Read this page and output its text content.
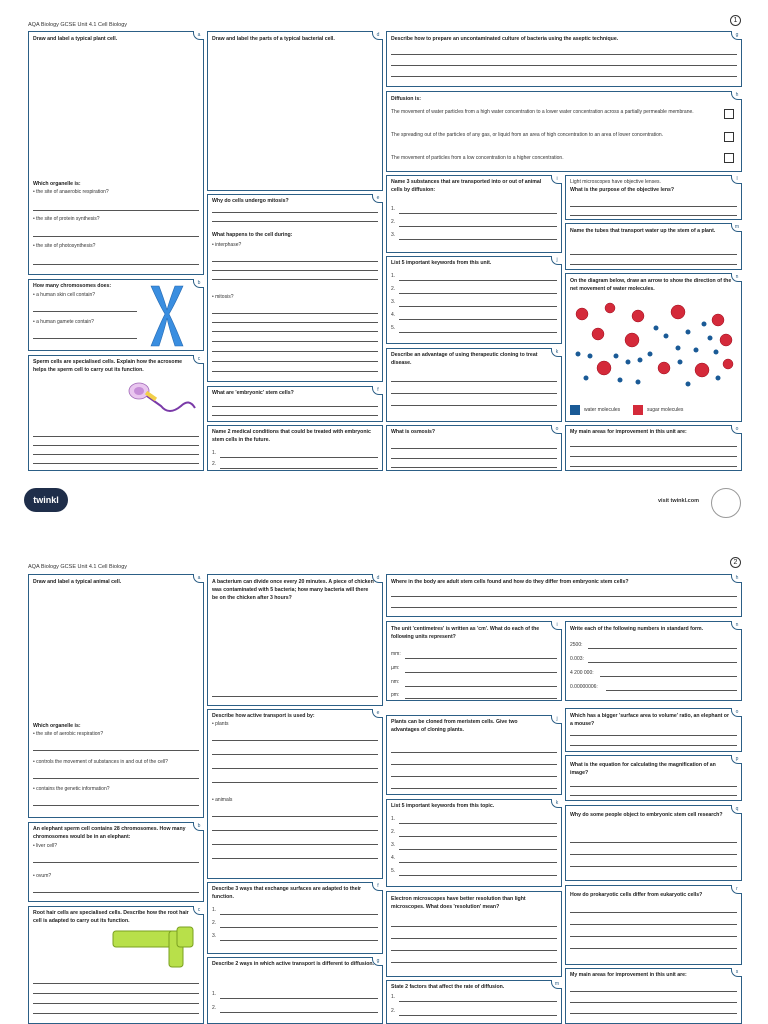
AQA Biology GCSE Unit 4.1 Cell Biology
1
a
Draw and label a typical plant cell.
Which organelle is:
• the site of anaerobic respiration?
• the site of protein synthesis?
• the site of photosynthesis?
b
How many chromosomes does:
• a human skin cell contain?
• a human gamete contain?
c
Sperm cells are specialised cells. Explain how the acrosome helps the sperm cell to carry out its function.
d
Draw and label the parts of a typical bacterial cell.
e
Why do cells undergo mitosis?
What happens to the cell during:
• interphase?
• mitosis?
f
What are 'embryonic' stem cells?
Name 2 medical conditions that could be treated with embryonic stem cells in the future.
1.
2.
g
Describe how to prepare an uncontaminated culture of bacteria using the aseptic technique.
h
Diffusion is:
The movement of water particles from a high water concentration to a lower water concentration across a partially permeable membrane.
The spreading out of the particles of any gas, or liquid from an area of high concentration to an area of lower concentration.
The movement of particles from a low concentration to a higher concentration.
i
Name 3 substances that are transported into or out of animal cells by diffusion:
1.
2.
3.
j
List 5 important keywords from this unit.
1.
2.
3.
4.
5.
k
Describe an advantage of using therapeutic cloning to treat disease.
o
What is osmosis?
l
Light microscopes have objective lenses.
What is the purpose of the objective lens?
m
Name the tubes that transport water up the stem of a plant.
n
On the diagram below, draw an arrow to show the direction of the net movement of water molecules.
water molecules	sugar molecules
o
My main areas for improvement in this unit are:
twinkl	visit twinkl.com
AQA Biology GCSE Unit 4.1 Cell Biology
2
a
Draw and label a typical animal cell.
Which organelle is:
• the site of aerobic respiration?
• controls the movement of substances in and out of the cell?
• contains the genetic information?
b
An elephant sperm cell contains 28 chromosomes. How many chromosomes would be in an elephant:
• liver cell?
• ovum?
c
Root hair cells are specialised cells. Describe how the root hair cell is adapted to carry out its function.
d
A bacterium can divide once every 20 minutes. A piece of chicken was contaminated with 5 bacteria; how many bacteria will there be on the chicken after 3 hours?
e
Describe how active transport is used by:
• plants
• animals
f
Describe 3 ways that exchange surfaces are adapted to their function.
1.
2.
3.
g
Describe 2 ways in which active transport is different to diffusion.
1.
2.
h
Where in the body are adult stem cells found and how do they differ from embryonic stem cells?
i
The unit 'centimetres' is written as 'cm'. What do each of the following units represent?
mm:
µm:
nm:
pm:
j
Plants can be cloned from meristem cells. Give two advantages of cloning plants.
k
List 5 important keywords from this topic.
1.
2.
3.
4.
5.
Electron microscopes have better resolution than light microscopes. What does 'resolution' mean?
m
State 2 factors that affect the rate of diffusion.
1.
2.
n
Write each of the following numbers in standard form.
2500:
0.003:
4 200 000:
0.00000006:
o
Which has a bigger 'surface area to volume' ratio, an elephant or a mouse?
p
What is the equation for calculating the magnification of an image?
q
Why do some people object to embryonic stem cell research?
r
How do prokaryotic cells differ from eukaryotic cells?
s
My main areas for improvement in this unit are:
